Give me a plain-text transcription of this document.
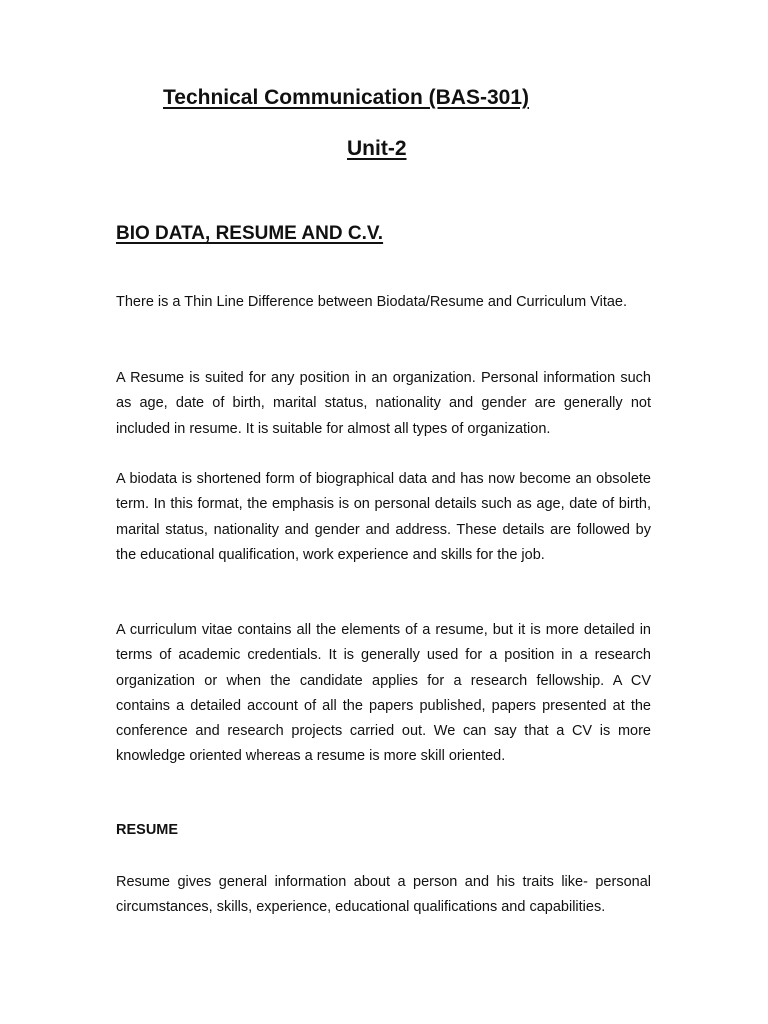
Technical Communication (BAS-301)
Unit-2
BIO DATA, RESUME AND C.V.

There is a Thin Line Difference between Biodata/Resume and Curriculum Vitae.

A Resume is suited for any position in an organization. Personal information such as age, date of birth, marital status, nationality and gender are generally not included in resume. It is suitable for almost all types of organization.

A biodata is shortened form of biographical data and has now become an obsolete term. In this format, the emphasis is on personal details such as age, date of birth, marital status, nationality and gender and address. These details are followed by the educational qualification, work experience and skills for the job.

A curriculum vitae contains all the elements of a resume, but it is more detailed in terms of academic credentials. It is generally used for a position in a research organization or when the candidate applies for a research fellowship. A CV contains a detailed account of all the papers published, papers presented at the conference and research projects carried out. We can say that a CV is more knowledge oriented whereas a resume is more skill oriented.

RESUME

Resume gives general information about a person and his traits like- personal circumstances, skills, experience, educational qualifications and capabilities.
